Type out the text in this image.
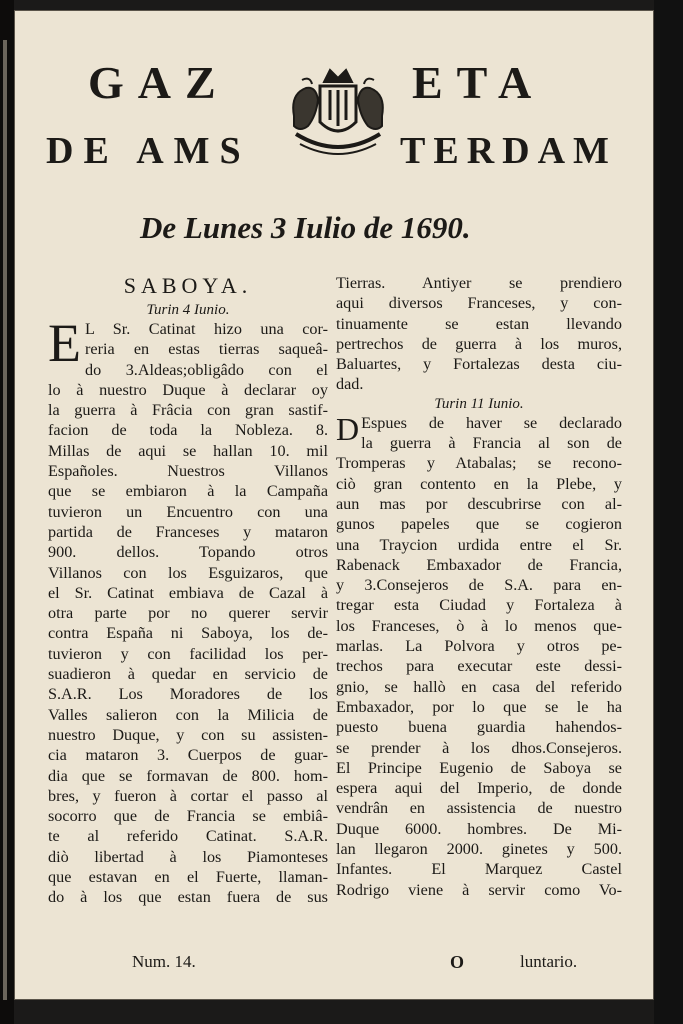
GAZ	ETA
DE AMS	TERDAM
De Lunes 3 Iulio de 1690.
SABOYA.
Turin 4 Iunio.
E L Sr. Catinat hizo una cor-
reria en estas tierras saqueâ-
do 3.Aldeas;obligâdo con el
lo à nuestro Duque à declarar oy
la guerra à Frâcia con gran sastif-
facion de toda la Nobleza. 8.
Millas de aqui se hallan 10. mil
Españoles. Nuestros Villanos
que se embiaron à la Campaña
tuvieron un Encuentro con una
partida de Franceses y mataron
900. dellos. Topando otros
Villanos con los Esguizaros, que
el Sr. Catinat embiava de Cazal à
otra parte por no querer servir
contra España ni Saboya, los de-
tuvieron y con facilidad los per-
suadieron à quedar en servicio de
S.A.R. Los Moradores de los
Valles salieron con la Milicia de
nuestro Duque, y con su assisten-
cia mataron 3. Cuerpos de guar-
dia que se formavan de 800. hom-
bres, y fueron à cortar el passo al
socorro que de Francia se embiâ-
te al referido Catinat. S.A.R.
diò libertad à los Piamonteses
que estavan en el Fuerte, llaman-
do à los que estan fuera de sus
Tierras. Antiyer se prendiero
aqui diversos Franceses, y con-
tinuamente se estan llevando
pertrechos de guerra à los muros,
Baluartes, y Fortalezas desta ciu-
dad.
Turin 11 Iunio.
D Espues de haver se declarado
la guerra à Francia al son de
Tromperas y Atabalas; se recono-
ciò gran contento en la Plebe, y
aun mas por descubrirse con al-
gunos papeles que se cogieron
una Traycion urdida entre el Sr.
Rabenack Embaxador de Francia,
y 3.Consejeros de S.A. para en-
tregar esta Ciudad y Fortaleza à
los Franceses, ò à lo menos que-
marlas. La Polvora y otros pe-
trechos para executar este dessi-
gnio, se hallò en casa del referido
Embaxador, por lo que se le ha
puesto buena guardia hahendos-
se prender à los dhos.Consejeros.
El Principe Eugenio de Saboya se
espera aqui del Imperio, de donde
vendrân en assistencia de nuestro
Duque 6000. hombres. De Mi-
lan llegaron 2000. ginetes y 500.
Infantes. El Marquez Castel
Rodrigo viene à servir como Vo-
Num. 14.	O	luntario.
